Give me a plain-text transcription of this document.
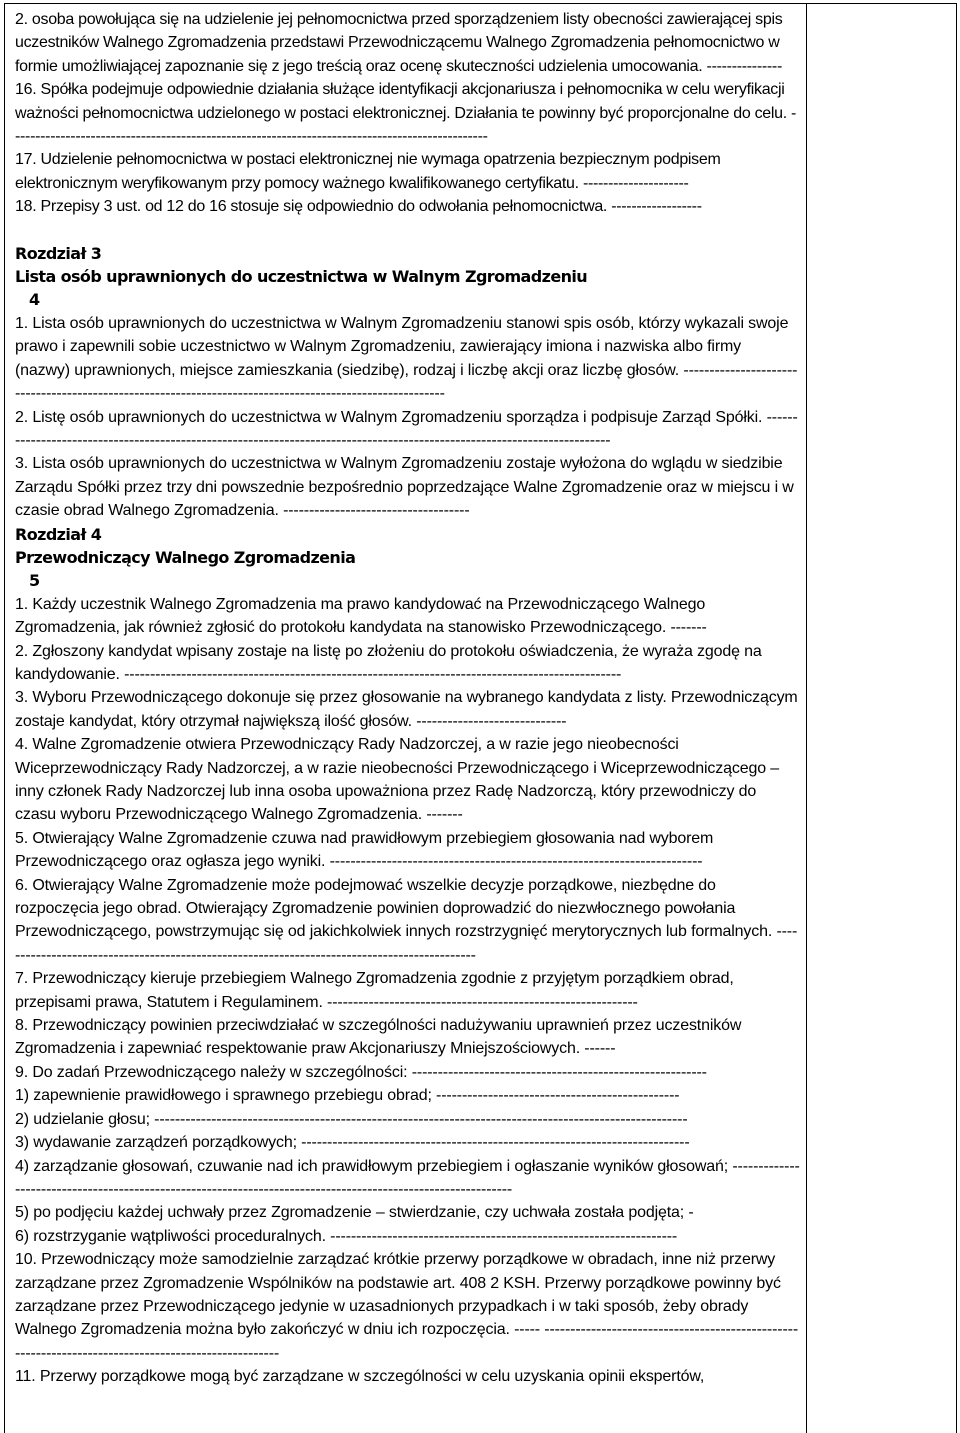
2. osoba powołująca się na udzielenie jej pełnomocnictwa przed sporządzeniem listy obecności zawierającej spis uczestników Walnego Zgromadzenia przedstawi Przewodniczącemu Walnego Zgromadzenia pełnomocnictwo w formie umożliwiającej zapoznanie się z jego treścią oraz ocenę skuteczności udzielenia umocowania. ---------------

16. Spółka podejmuje odpowiednie działania służące identyfikacji akcjonariusza i pełnomocnika w celu weryfikacji ważności pełnomocnictwa udzielonego w postaci elektronicznej. Działania te powinny być proporcjonalne do celu. -----------------------------------------------------------------------------------------------

17. Udzielenie pełnomocnictwa w postaci elektronicznej nie wymaga opatrzenia bezpiecznym podpisem elektronicznym weryfikowanym przy pomocy ważnego kwalifikowanego certyfikatu. ---------------------

18. Przepisy 3 ust. od 12 do 16 stosuje się odpowiednio do odwołania pełnomocnictwa. ------------------

Rozdział 3

Lista osób uprawnionych do uczestnictwa w Walnym Zgromadzeniu

4

1. Lista osób uprawnionych do uczestnictwa w Walnym Zgromadzeniu stanowi spis osób, którzy wykazali swoje prawo i zapewnili sobie uczestnictwo w Walnym Zgromadzeniu, zawierający imiona i nazwiska albo firmy (nazwy) uprawnionych, miejsce zamieszkania (siedzibę), rodzaj i liczbę akcji oraz liczbę głosów. ---------------------------------------------------------------------------------------------------------

2. Listę osób uprawnionych do uczestnictwa w Walnym Zgromadzeniu sporządza i podpisuje Zarząd Spółki. -------------------------------------------------------------------------------------------------------------------------

3. Lista osób uprawnionych do uczestnictwa w Walnym Zgromadzeniu zostaje wyłożona do wglądu w siedzibie Zarządu Spółki przez trzy dni powszednie bezpośrednio poprzedzające Walne Zgromadzenie oraz w miejscu i w czasie obrad Walnego Zgromadzenia. ------------------------------------

Rozdział 4

Przewodniczący Walnego Zgromadzenia

5

1. Każdy uczestnik Walnego Zgromadzenia ma prawo kandydować na Przewodniczącego Walnego Zgromadzenia, jak również zgłosić do protokołu kandydata na stanowisko Przewodniczącego. -------

2. Zgłoszony kandydat wpisany zostaje na listę po złożeniu do protokołu oświadczenia, że wyraża zgodę na kandydowanie. ------------------------------------------------------------------------------------------------

3. Wyboru Przewodniczącego dokonuje się przez głosowanie na wybranego kandydata z listy. Przewodniczącym zostaje kandydat, który otrzymał największą ilość głosów. -----------------------------

4. Walne Zgromadzenie otwiera Przewodniczący Rady Nadzorczej, a w razie jego nieobecności Wiceprzewodniczący Rady Nadzorczej, a w razie nieobecności Przewodniczącego i Wiceprzewodniczącego – inny członek Rady Nadzorczej lub inna osoba upoważniona przez Radę Nadzorczą, który przewodniczy do czasu wyboru Przewodniczącego Walnego Zgromadzenia. -------

5. Otwierający Walne Zgromadzenie czuwa nad prawidłowym przebiegiem głosowania nad wyborem Przewodniczącego oraz ogłasza jego wyniki. ------------------------------------------------------------------------

6. Otwierający Walne Zgromadzenie może podejmować wszelkie decyzje porządkowe, niezbędne do rozpoczęcia jego obrad. Otwierający Zgromadzenie powinien doprowadzić do niezwłocznego powołania Przewodniczącego, powstrzymując się od jakichkolwiek innych rozstrzygnięć merytorycznych lub formalnych. ---------------------------------------------------------------------------------------------

7. Przewodniczący kieruje przebiegiem Walnego Zgromadzenia zgodnie z przyjętym porządkiem obrad, przepisami prawa, Statutem i Regulaminem. ------------------------------------------------------------

8. Przewodniczący powinien przeciwdziałać w szczególności nadużywaniu uprawnień przez uczestników Zgromadzenia i zapewniać respektowanie praw Akcjonariuszy Mniejszościowych. ------

9. Do zadań Przewodniczącego należy w szczególności: ---------------------------------------------------------

1) zapewnienie prawidłowego i sprawnego przebiegu obrad; -----------------------------------------------

2) udzielanie głosu; -------------------------------------------------------------------------------------------------------

3) wydawanie zarządzeń porządkowych; ---------------------------------------------------------------------------

4) zarządzanie głosowań, czuwanie nad ich prawidłowym przebiegiem i ogłaszanie wyników głosowań; -------------------------------------------------------------------------------------------------------------

5) po podjęciu każdej uchwały przez Zgromadzenie – stwierdzanie, czy uchwała została podjęta; -

6) rozstrzyganie wątpliwości proceduralnych. -------------------------------------------------------------------

10. Przewodniczący może samodzielnie zarządzać krótkie przerwy porządkowe w obradach, inne niż przerwy zarządzane przez Zgromadzenie Wspólników na podstawie art. 408 2 KSH. Przerwy porządkowe powinny być zarządzane przez Przewodniczącego jedynie w uzasadnionych przypadkach i w taki sposób, żeby obrady Walnego Zgromadzenia można było zakończyć w dniu ich rozpoczęcia. ----- ----------------------------------------------------------------------------------------------------

11. Przerwy porządkowe mogą być zarządzane w szczególności w celu uzyskania opinii ekspertów,
